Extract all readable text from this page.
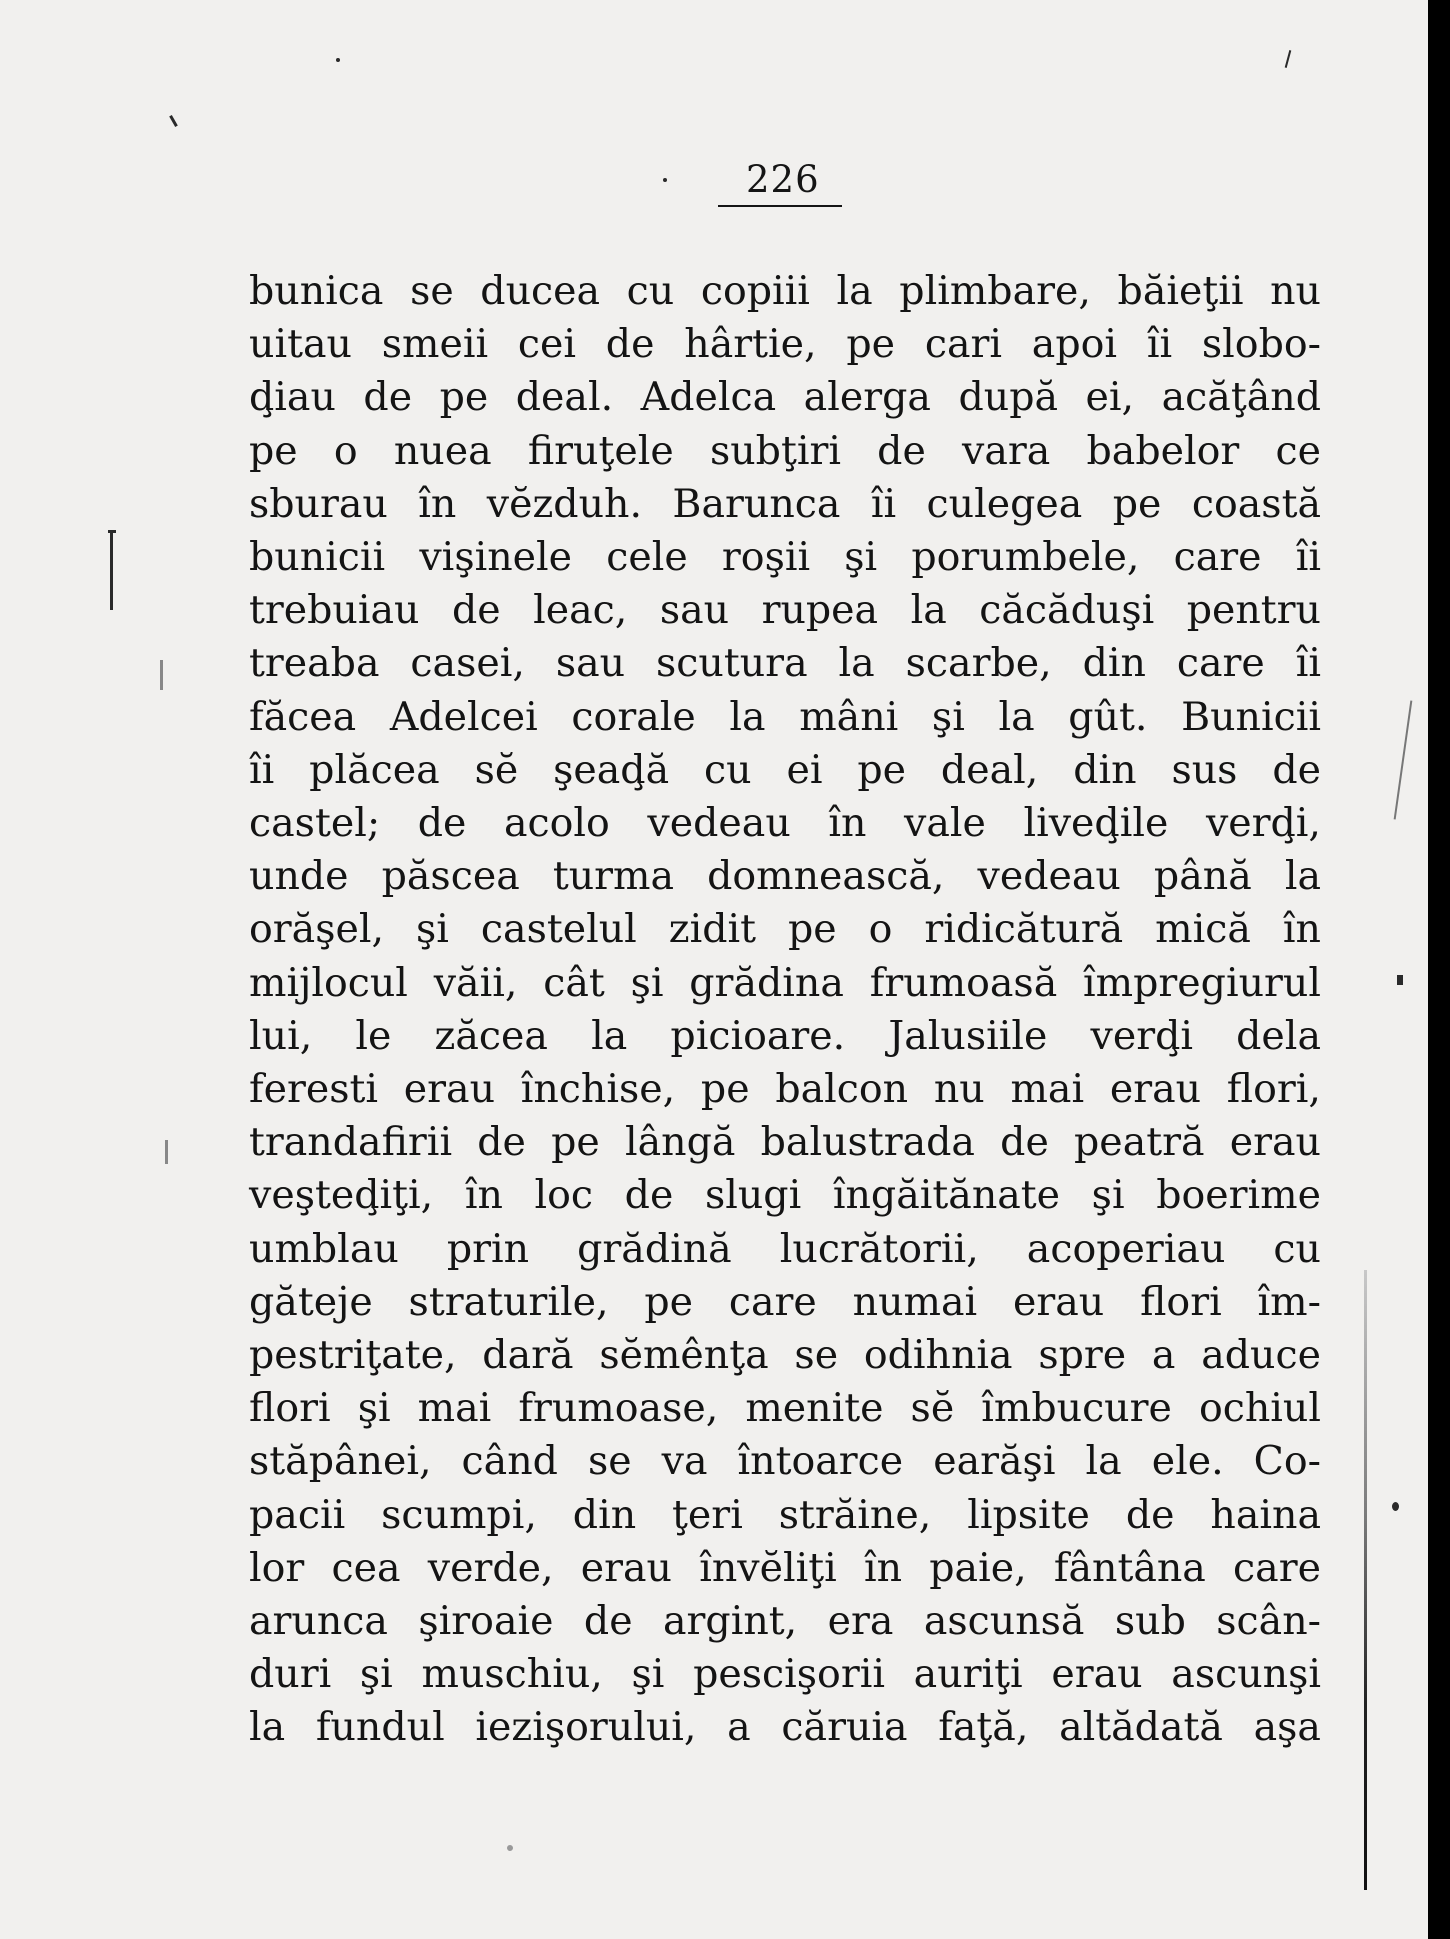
226
bunica se ducea cu copiii la plimbare, băieţii nu
uitau smeii cei de hârtie, pe cari apoi îi slobo-
ḑiau de pe deal. Adelca alerga după ei, acăţând
pe o nuea firuţele subţiri de vara babelor ce
sburau în vĕzduh. Barunca îi culegea pe coastă
bunicii vişinele cele roşii şi porumbele, care îi
trebuiau de leac, sau rupea la căcăduşi pentru
treaba casei, sau scutura la scarbe, din care îi
făcea Adelcei corale la mâni şi la gût. Bunicii
îi plăcea sĕ şeaḑă cu ei pe deal, din sus de
castel; de acolo vedeau în vale liveḑile verḑi,
unde păscea turma domnească, vedeau până la
orăşel, şi castelul zidit pe o ridicătură mică în
mijlocul văii, cât şi grădina frumoasă împregiurul
lui, le zăcea la picioare. Jalusiile verḑi dela
feresti erau închise, pe balcon nu mai erau flori,
trandafirii de pe lângă balustrada de peatră erau
veşteḑiţi, în loc de slugi îngăitănate şi boerime
umblau prin grădină lucrătorii, acoperiau cu
găteje straturile, pe care numai erau flori îm-
pestriţate, dară sĕmênţa se odihnia spre a aduce
flori şi mai frumoase, menite sĕ îmbucure ochiul
stăpânei, când se va întoarce earăşi la ele. Co-
pacii scumpi, din ţeri străine, lipsite de haina
lor cea verde, erau învĕliţi în paie, fântâna care
arunca şiroaie de argint, era ascunsă sub scân-
duri şi muschiu, şi pescişorii auriţi erau ascunşi
la fundul iezişorului, a căruia faţă, altădată aşa
